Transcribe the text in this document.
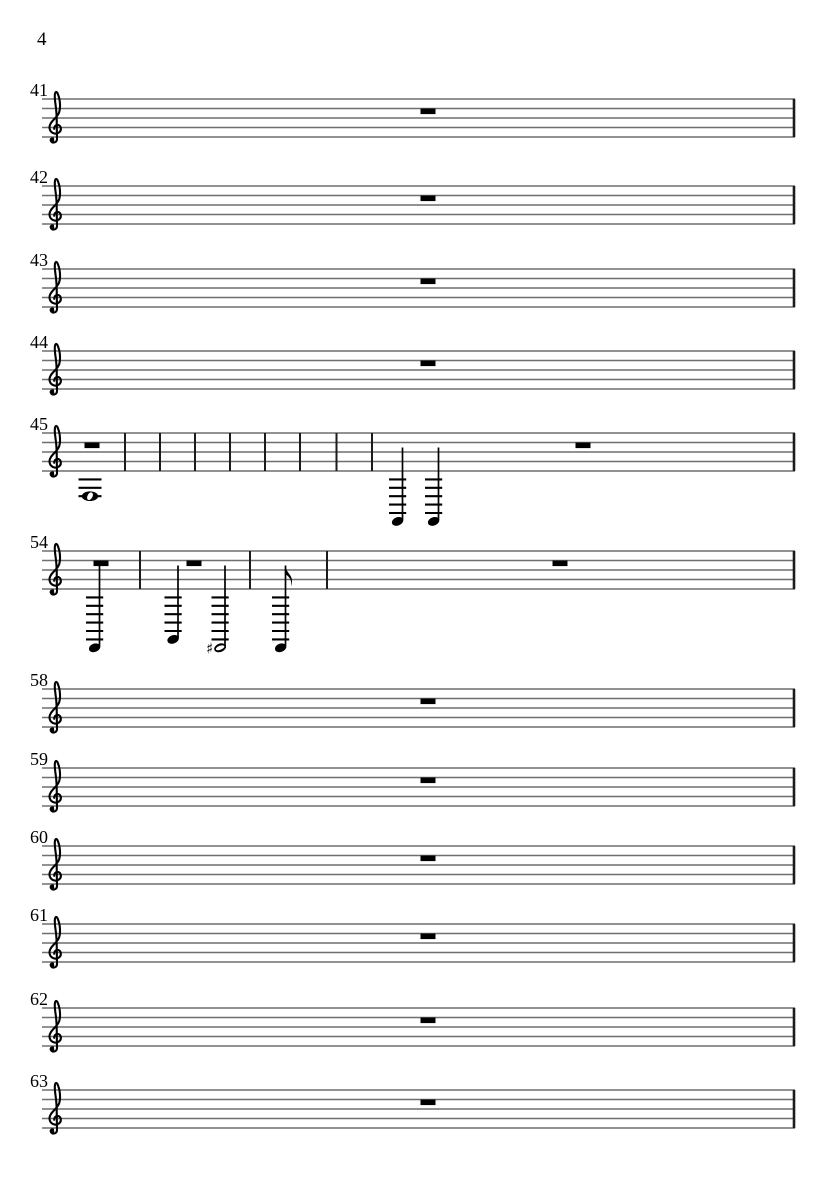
4
41
42
43
44
45
54
♯
58
59
60
61
62
63
